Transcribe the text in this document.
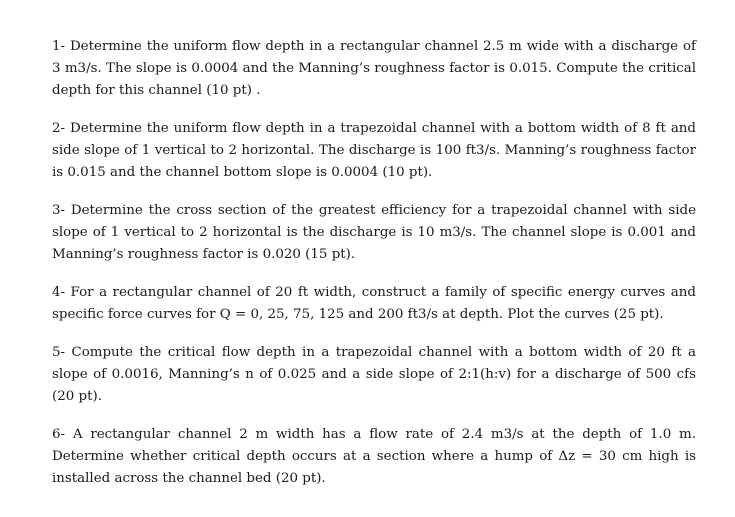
1- Determine the uniform flow depth in a rectangular channel 2.5 m wide with a discharge of 3 m3/s. The slope is 0.0004 and the Manning’s roughness factor is 0.015. Compute the critical depth for this channel (10 pt) .

2- Determine the uniform flow depth in a trapezoidal channel with a bottom width of 8 ft and side slope of 1 vertical to 2 horizontal. The discharge is 100 ft3/s. Manning’s roughness factor is 0.015 and the channel bottom slope is 0.0004 (10 pt).

3- Determine the cross section of the greatest efficiency for a trapezoidal channel with side slope of 1 vertical to 2 horizontal is the discharge is 10 m3/s. The channel slope is 0.001 and Manning’s roughness factor is 0.020 (15 pt).

4- For a rectangular channel of 20 ft width, construct a family of specific energy curves and specific force curves for Q = 0, 25, 75, 125 and 200 ft3/s at depth. Plot the curves (25 pt).

5- Compute the critical flow depth in a trapezoidal channel with a bottom width of 20 ft a slope of 0.0016, Manning’s n of 0.025 and a side slope of 2:1(h:v) for a discharge of 500 cfs (20 pt).

6- A rectangular channel 2 m width has a flow rate of 2.4 m3/s at the depth of 1.0 m. Determine whether critical depth occurs at a section where a hump of Δz = 30 cm high is installed across the channel bed (20 pt).
